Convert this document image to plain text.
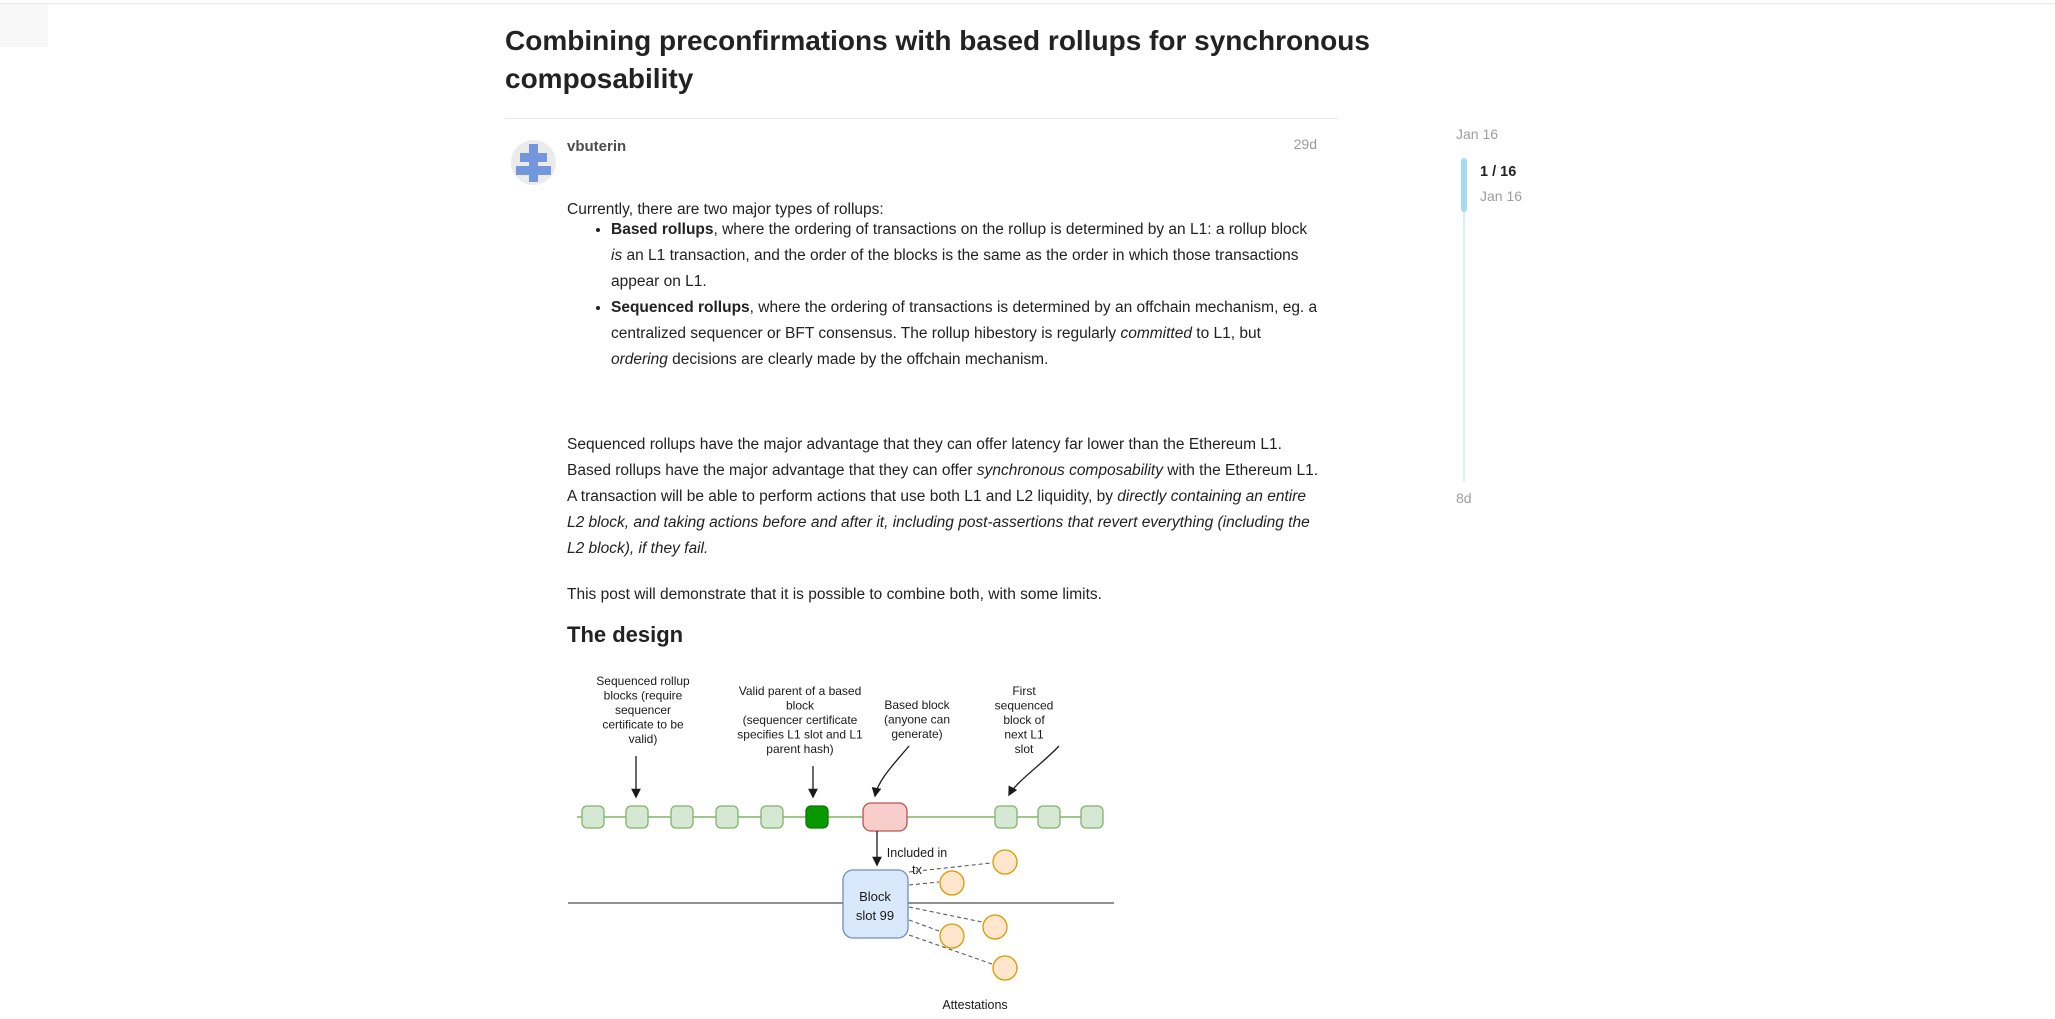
Combining preconfirmations with based rollups for synchronous composability
vbuterin	29d

Currently, there are two major types of rollups:

• Based rollups, where the ordering of transactions on the rollup is determined by an L1: a rollup block is an L1 transaction, and the order of the blocks is the same as the order in which those transactions appear on L1.
• Sequenced rollups, where the ordering of transactions is determined by an offchain mechanism, eg. a centralized sequencer or BFT consensus. The rollup hibestory is regularly committed to L1, but ordering decisions are clearly made by the offchain mechanism.

Sequenced rollups have the major advantage that they can offer latency far lower than the Ethereum L1. Based rollups have the major advantage that they can offer synchronous composability with the Ethereum L1. A transaction will be able to perform actions that use both L1 and L2 liquidity, by directly containing an entire L2 block, and taking actions before and after it, including post-assertions that revert everything (including the L2 block), if they fail.

This post will demonstrate that it is possible to combine both, with some limits.

The design
Sequenced rollup
blocks (require
sequencer
certificate to be
valid)
Valid parent of a based
block
(sequencer certificate
specifies L1 slot and L1
parent hash)
Based block
(anyone can
generate)
First
sequenced
block of
next L1
slot
Included in
tx
Block
slot 99
Attestations
Jan 16
1 / 16
Jan 16
8d
